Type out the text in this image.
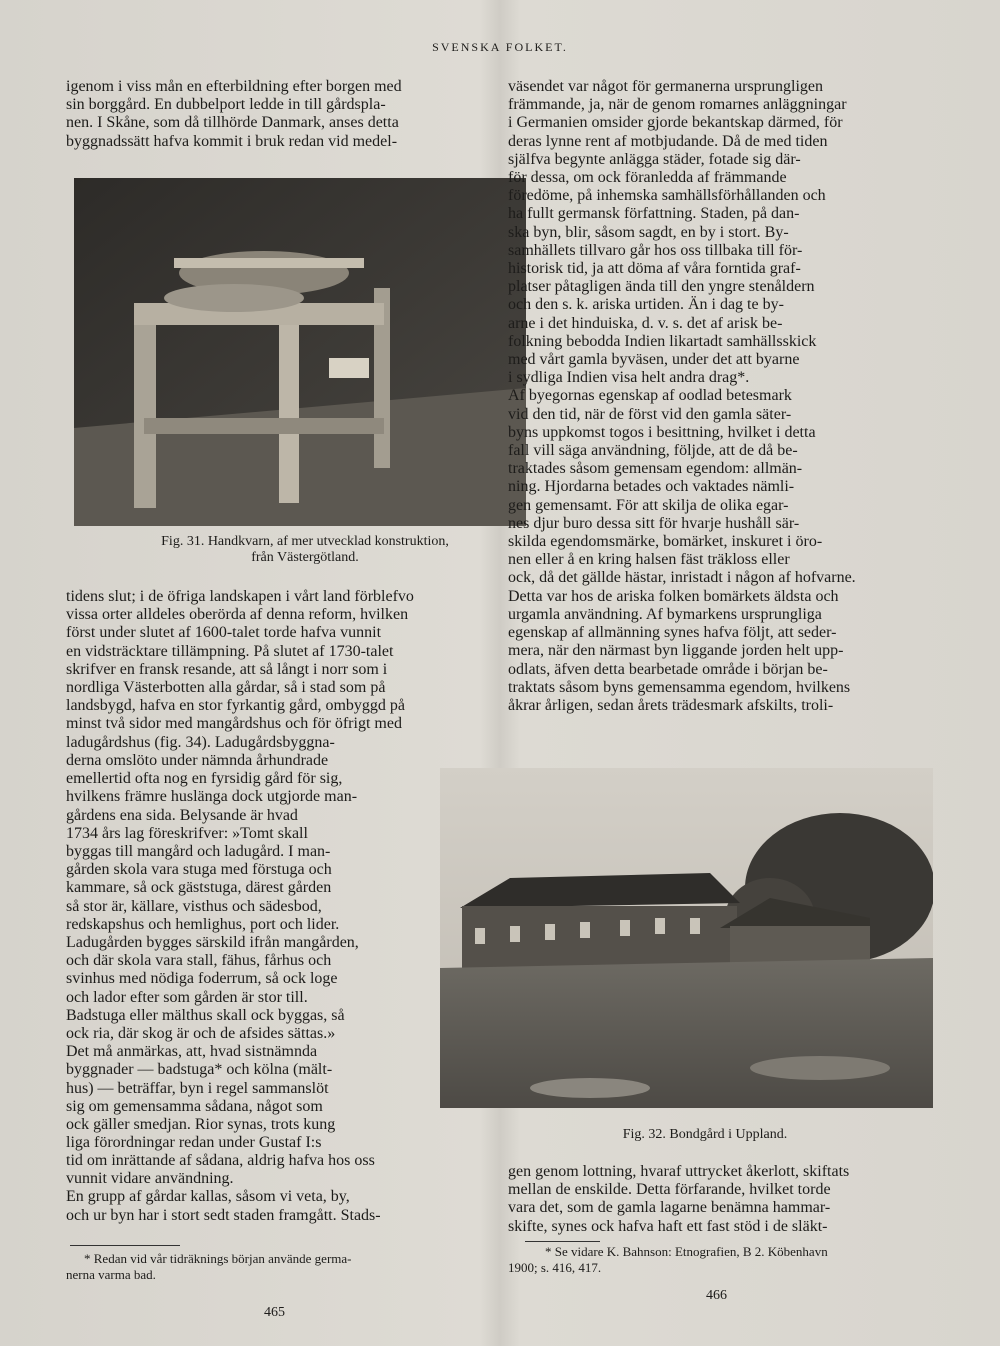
SVENSKA FOLKET.
igenom i viss mån en efterbildning efter borgen med
sin borggård. En dubbelport ledde in till gårdspla-
nen. I Skåne, som då tillhörde Danmark, anses detta
byggnadssätt hafva kommit i bruk redan vid medel-
Fig. 31. Handkvarn, af mer utvecklad konstruktion,
från Västergötland.
tidens slut; i de öfriga landskapen i vårt land förblefvo
vissa orter alldeles oberörda af denna reform, hvilken
först under slutet af 1600-talet torde hafva vunnit
en vidsträcktare tillämpning. På slutet af 1730-talet
skrifver en fransk resande, att så långt i norr som i
nordliga Västerbotten alla gårdar, så i stad som på
landsbygd, hafva en stor fyrkantig gård, ombyggd på
minst två sidor med mangårdshus och för öfrigt med
ladugårdshus (fig. 34). Ladugårdsbyggna-
derna omslöto under nämnda århundrade
emellertid ofta nog en fyrsidig gård för sig,
hvilkens främre huslänga dock utgjorde man-
gårdens ena sida. Belysande är hvad
1734 års lag föreskrifver: »Tomt skall
byggas till mangård och ladugård. I man-
gården skola vara stuga med förstuga och
kammare, så ock gäststuga, därest gården
så stor är, källare, visthus och sädesbod,
redskapshus och hemlighus, port och lider.
Ladugården bygges särskild ifrån mangården,
och där skola vara stall, fähus, fårhus och
svinhus med nödiga foderrum, så ock loge
och lador efter som gården är stor till.
Badstuga eller mälthus skall ock byggas, så
ock ria, där skog är och de afsides sättas.»
Det må anmärkas, att, hvad sistnämnda
byggnader — badstuga* och kölna (mält-
hus) — beträffar, byn i regel sammanslöt
sig om gemensamma sådana, något som
ock gäller smedjan. Rior synas, trots kung
liga förordningar redan under Gustaf I:s
tid om inrättande af sådana, aldrig hafva hos oss
vunnit vidare användning.
En grupp af gårdar kallas, såsom vi veta, by,
och ur byn har i stort sedt staden framgått. Stads-
* Redan vid vår tidräknings början använde germa-
nerna varma bad.
465
väsendet var något för germanerna ursprungligen
främmande, ja, när de genom romarnes anläggningar
i Germanien omsider gjorde bekantskap därmed, för
deras lynne rent af motbjudande. Då de med tiden
själfva begynte anlägga städer, fotade sig där-
för dessa, om ock föranledda af främmande
föredöme, på inhemska samhällsförhållanden och
ha fullt germansk författning. Staden, på dan-
ska byn, blir, såsom sagdt, en by i stort. By-
samhällets tillvaro går hos oss tillbaka till för-
historisk tid, ja att döma af våra forntida graf-
platser påtagligen ända till den yngre stenåldern
och den s. k. ariska urtiden. Än i dag te by-
arne i det hinduiska, d. v. s. det af arisk be-
folkning bebodda Indien likartadt samhällsskick
med vårt gamla byväsen, under det att byarne
i sydliga Indien visa helt andra drag*.
Af byegornas egenskap af oodlad betesmark
vid den tid, när de först vid den gamla säter-
byns uppkomst togos i besittning, hvilket i detta
fall vill säga användning, följde, att de då be-
traktades såsom gemensam egendom: allmän-
ning. Hjordarna betades och vaktades nämli-
gen gemensamt. För att skilja de olika egar-
nes djur buro dessa sitt för hvarje hushåll sär-
skilda egendomsmärke, bomärket, inskuret i öro-
nen eller å en kring halsen fäst träkloss eller
ock, då det gällde hästar, inristadt i någon af hofvarne.
Detta var hos de ariska folken bomärkets äldsta och
urgamla användning. Af bymarkens ursprungliga
egenskap af allmänning synes hafva följt, att seder-
mera, när den närmast byn liggande jorden helt upp-
odlats, äfven detta bearbetade område i början be-
traktats såsom byns gemensamma egendom, hvilkens
åkrar årligen, sedan årets trädesmark afskilts, troli-
Fig. 32. Bondgård i Uppland.
gen genom lottning, hvaraf uttrycket åkerlott, skiftats
mellan de enskilde. Detta förfarande, hvilket torde
vara det, som de gamla lagarne benämna hammar-
skifte, synes ock hafva haft ett fast stöd i de släkt-
* Se vidare K. Bahnson: Etnografien, B 2. Köbenhavn
1900; s. 416, 417.
466
